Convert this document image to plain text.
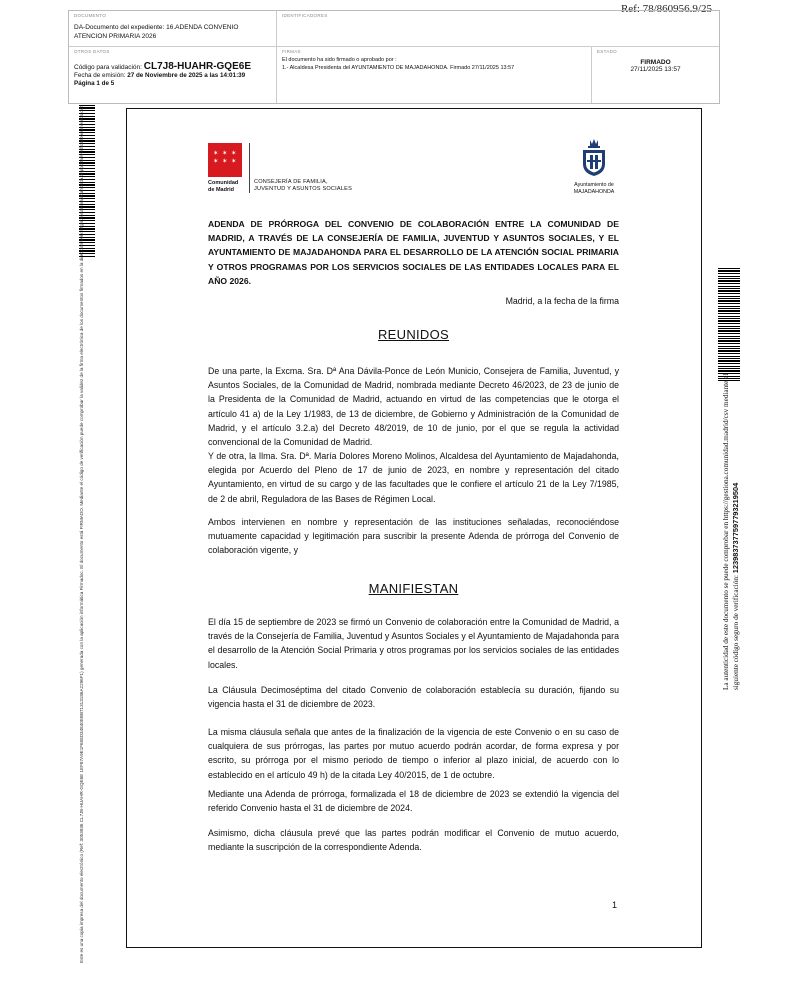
Ref: 78/860956.9/25
DOCUMENTO
DA-Documento del expediente: 16.ADENDA CONVENIO ATENCION PRIMARIA 2026
IDENTIFICADORES
OTROS DATOS
Código para validación: CL7J8-HUAHR-GQE6E
Fecha de emisión: 27 de Noviembre de 2025 a las 14:01:39
Página 1 de 5
FIRMAS
El documento ha sido firmado o aprobado por :
1.- Alcaldesa Presidenta del AYUNTAMIENTO DE MAJADAHONDA. Firmado 27/11/2025 13:57
ESTADO
FIRMADO
27/11/2025 13:57
Este es una copia impresa del documento electrónico (Ref: 3053936 CL7J8-HUAHR-GQE6E 1EF87A9E1F658D34840EBB71313186A2296F1) generada con la aplicación informática Firmadoc. El documento está FIRMADO. Mediante el código de verificación puede comprobar la validez de la firma electrónica de los documentos firmados en la dirección web: https://sede.majadahonda.org/portal/verificarDocumentos.do?	La autenticidad de este documento se puede comprobar en https://gestiona.comunidad.madrid/csv mediante el siguiente código seguro de verificación: 1239837377597793219504
✶ ✶ ✶
✶ ✶ ✶
Comunidad
de Madrid
CONSEJERÍA DE FAMILIA,
JUVENTUD Y ASUNTOS SOCIALES
Ayuntamiento de
MAJADAHONDA
ADENDA DE PRÓRROGA DEL CONVENIO DE COLABORACIÓN ENTRE LA COMUNIDAD DE MADRID, A TRAVÉS DE LA CONSEJERÍA DE FAMILIA, JUVENTUD Y ASUNTOS SOCIALES, Y EL AYUNTAMIENTO DE MAJADAHONDA PARA EL DESARROLLO DE LA ATENCIÓN SOCIAL PRIMARIA Y OTROS PROGRAMAS POR LOS SERVICIOS SOCIALES DE LAS ENTIDADES LOCALES PARA EL AÑO 2026.
Madrid, a la fecha de la firma
REUNIDOS
De una parte, la Excma. Sra. Dª Ana Dávila-Ponce de León Municio, Consejera de Familia, Juventud, y Asuntos Sociales, de la Comunidad de Madrid, nombrada mediante Decreto 46/2023, de 23 de junio de la Presidenta de la Comunidad de Madrid, actuando en virtud de las competencias que le otorga el artículo 41 a) de la Ley 1/1983, de 13 de diciembre, de Gobierno y Administración de la Comunidad de Madrid, y el artículo 3.2.a) del Decreto 48/2019, de 10 de junio, por el que se regula la actividad convencional de la Comunidad de Madrid.
Y de otra, la Ilma. Sra. Dª. María Dolores Moreno Molinos, Alcaldesa del Ayuntamiento de Majadahonda, elegida por Acuerdo del Pleno de 17 de junio de 2023, en nombre y representación del citado Ayuntamiento, en virtud de su cargo y de las facultades que le confiere el artículo 21 de la Ley 7/1985, de 2 de abril, Reguladora de las Bases de Régimen Local.
Ambos intervienen en nombre y representación de las instituciones señaladas, reconociéndose mutuamente capacidad y legitimación para suscribir la presente Adenda de prórroga del Convenio de colaboración vigente, y
MANIFIESTAN
El día 15 de septiembre de 2023 se firmó un Convenio de colaboración entre la Comunidad de Madrid, a través de la Consejería de Familia, Juventud y Asuntos Sociales y el Ayuntamiento de Majadahonda para el desarrollo de la Atención Social Primaria y otros programas por los servicios sociales de las entidades locales.
La Cláusula Decimoséptima del citado Convenio de colaboración establecía su duración, fijando su vigencia hasta el 31 de diciembre de 2023.
La misma cláusula señala que antes de la finalización de la vigencia de este Convenio o en su caso de cualquiera de sus prórrogas, las partes por mutuo acuerdo podrán acordar, de forma expresa y por escrito, su prórroga por el mismo periodo de tiempo o inferior al plazo inicial, de acuerdo con lo establecido en el artículo 49 h) de la citada Ley 40/2015, de 1 de octubre.
Mediante una Adenda de prórroga, formalizada el 18 de diciembre de 2023 se extendió la vigencia del referido Convenio hasta el 31 de diciembre de 2024.
Asimismo, dicha cláusula prevé que las partes podrán modificar el Convenio de mutuo acuerdo, mediante la suscripción de la correspondiente Adenda.
1
